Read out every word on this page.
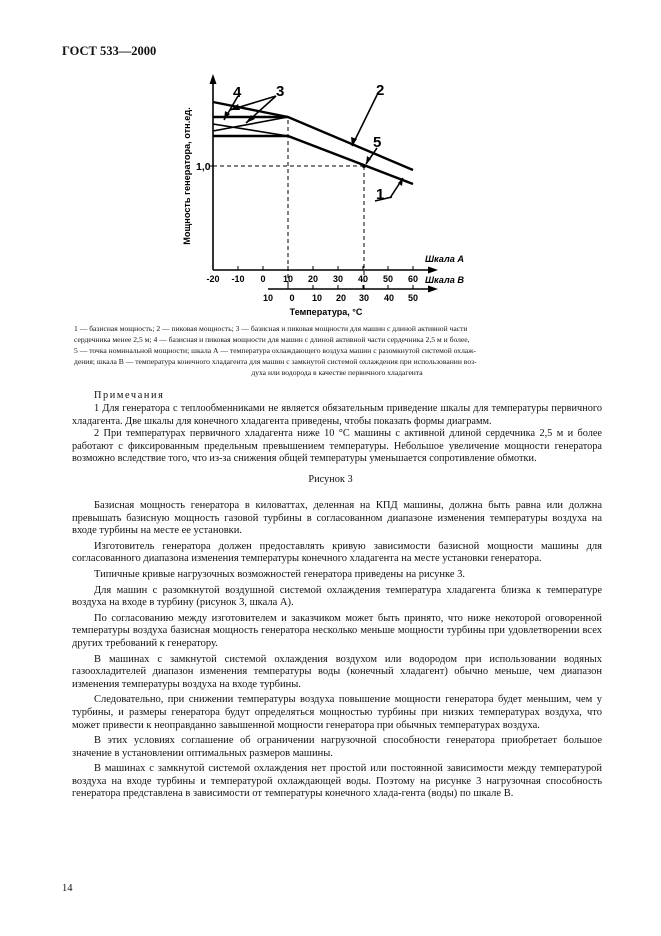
ГОСТ 533—2000
Мощность генератора, отн.ед. 1,0
Температура, °С
Шкала А
Шкала В
-20 -10 0 10 20 30 40 50 60
10 0 10 20 30 40 50
1
2
3
4
5
1 — базисная мощность; 2 — пиковая мощность; 3 — базисная и пиковая мощности для машин с длиной активной части
сердечника менее 2,5 м; 4 — базисная и пиковая мощности для машин с длиной активной части сердечника 2,5 м и более,
5 — точка номинальной мощности; шкала А — температура охлаждающего воздуха машин с разомкнутой системой охлаж-
дения; шкала В — температура конечного хладагента для машин с замкнутой системой охлаждения при использовании воз-
духа или водорода в качестве первичного хладагента
Примечания

1 Для генератора с теплообменниками не является обязательным приведение шкалы для температуры первичного хладагента. Две шкалы для конечного хладагента приведены, чтобы показать формы диаграмм.

2 При температурах первичного хладагента ниже 10 °С машины с активной длиной сердечника 2,5 м и более работают с фиксированным предельным превышением температуры. Небольшое увеличение мощности генератора возможно вследствие того, что из-за снижения общей температуры уменьшается сопротивление обмотки.

Рисунок 3

Базисная мощность генератора в киловаттах, деленная на КПД машины, должна быть равна или должна превышать базисную мощность газовой турбины в согласованном диапазоне изменения температуры воздуха на входе турбины на месте ее установки.

Изготовитель генератора должен предоставлять кривую зависимости базисной мощности машины для согласованного диапазона изменения температуры конечного хладагента на месте установки генератора.

Типичные кривые нагрузочных возможностей генератора приведены на рисунке 3.

Для машин с разомкнутой воздушной системой охлаждения температура хладагента близка к температуре воздуха на входе в турбину (рисунок 3, шкала А).

По согласованию между изготовителем и заказчиком может быть принято, что ниже некоторой оговоренной температуры воздуха базисная мощность генератора несколько меньше мощности турбины при удовлетворении всех других требований к генератору.

В машинах с замкнутой системой охлаждения воздухом или водородом при использовании водяных газоохладителей диапазон изменения температуры воды (конечный хладагент) обычно меньше, чем диапазон изменения температуры воздуха на входе турбины.

Следовательно, при снижении температуры воздуха повышение мощности генератора будет меньшим, чем у турбины, и размеры генератора будут определяться мощностью турбины при низких температурах воздуха, что может привести к неоправданно завышенной мощности генератора при обычных температурах воздуха.

В этих условиях соглашение об ограничении нагрузочной способности генератора приобретает большое значение в установлении оптимальных размеров машины.

В машинах с замкнутой системой охлаждения нет простой или постоянной зависимости между температурой воздуха на входе турбины и температурой охлаждающей воды. Поэтому на рисунке 3 нагрузочная способность генератора представлена в зависимости от температуры конечного хлада-гента (воды) по шкале В.

14
